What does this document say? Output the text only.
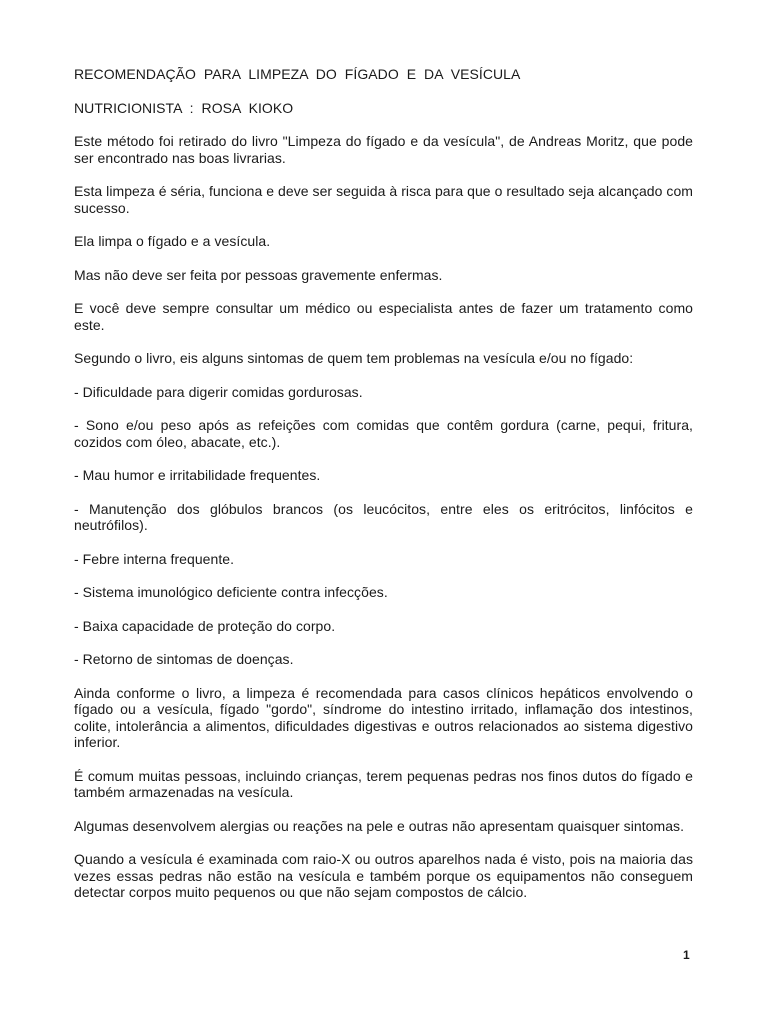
RECOMENDAÇÃO PARA LIMPEZA DO FÍGADO E DA VESÍCULA

NUTRICIONISTA : ROSA KIOKO

Este método foi retirado do livro "Limpeza do fígado e da vesícula", de Andreas Moritz, que pode ser encontrado nas boas livrarias.

Esta limpeza é séria, funciona e deve ser seguida à risca para que o resultado seja alcançado com sucesso.

Ela limpa o fígado e a vesícula.

Mas não deve ser feita por pessoas gravemente enfermas.

E você deve sempre consultar um médico ou especialista antes de fazer um tratamento como este.

Segundo o livro, eis alguns sintomas de quem tem problemas na vesícula e/ou no fígado:

- Dificuldade para digerir comidas gordurosas.

- Sono e/ou peso após as refeições com comidas que contêm gordura (carne, pequi, fritura, cozidos com óleo, abacate, etc.).

- Mau humor e irritabilidade frequentes.

- Manutenção dos glóbulos brancos (os leucócitos, entre eles os eritrócitos, linfócitos e neutrófilos).

- Febre interna frequente.

- Sistema imunológico deficiente contra infecções.

- Baixa capacidade de proteção do corpo.

- Retorno de sintomas de doenças.

Ainda conforme o livro, a limpeza é recomendada para casos clínicos hepáticos envolvendo o fígado ou a vesícula, fígado "gordo", síndrome do intestino irritado, inflamação dos intestinos, colite, intolerância a alimentos, dificuldades digestivas e outros relacionados ao sistema digestivo inferior.

É comum muitas pessoas, incluindo crianças, terem pequenas pedras nos finos dutos do fígado e também armazenadas na vesícula.

Algumas desenvolvem alergias ou reações na pele e outras não apresentam quaisquer sintomas.

Quando a vesícula é examinada com raio-X ou outros aparelhos nada é visto, pois na maioria das vezes essas pedras não estão na vesícula e também porque os equipamentos não conseguem detectar corpos muito pequenos ou que não sejam compostos de cálcio.

1
